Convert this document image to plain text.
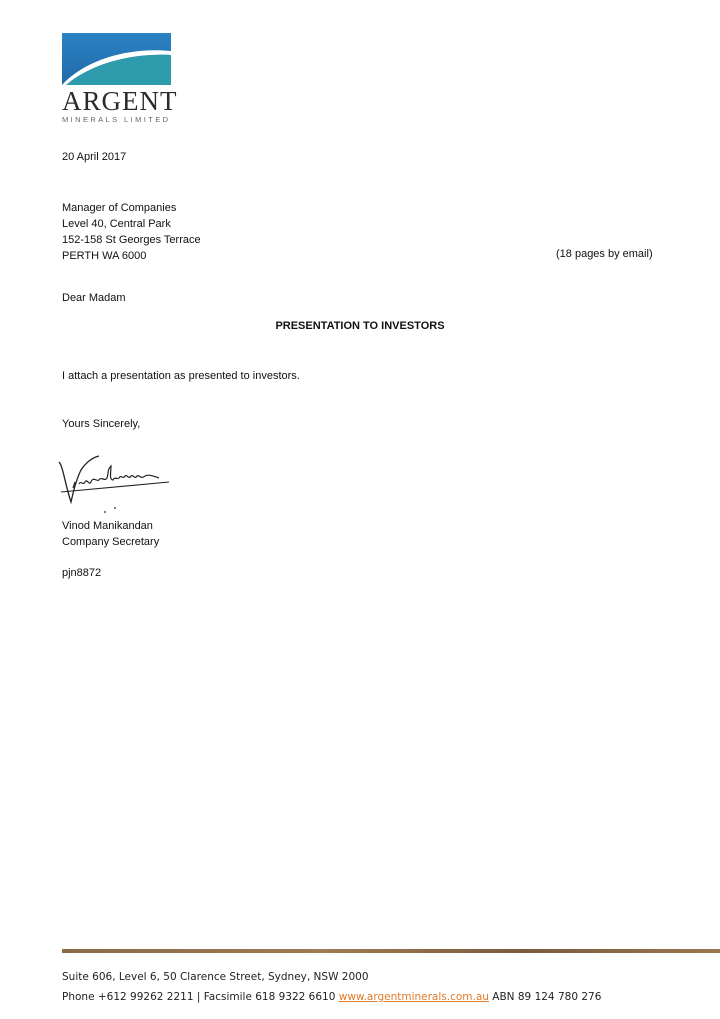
ARGENT
MINERALS LIMITED
20 April 2017
Manager of Companies
Level 40, Central Park
152-158 St Georges Terrace
PERTH WA 6000	(18 pages by email)
Dear Madam
PRESENTATION TO INVESTORS
I attach a presentation as presented to investors.
Yours Sincerely,
Vinod Manikandan
Company Secretary
pjn8872
Suite 606, Level 6, 50 Clarence Street, Sydney, NSW 2000
Phone +612 99262 2211 | Facsimile 618 9322 6610 www.argentminerals.com.au ABN 89 124 780 276
